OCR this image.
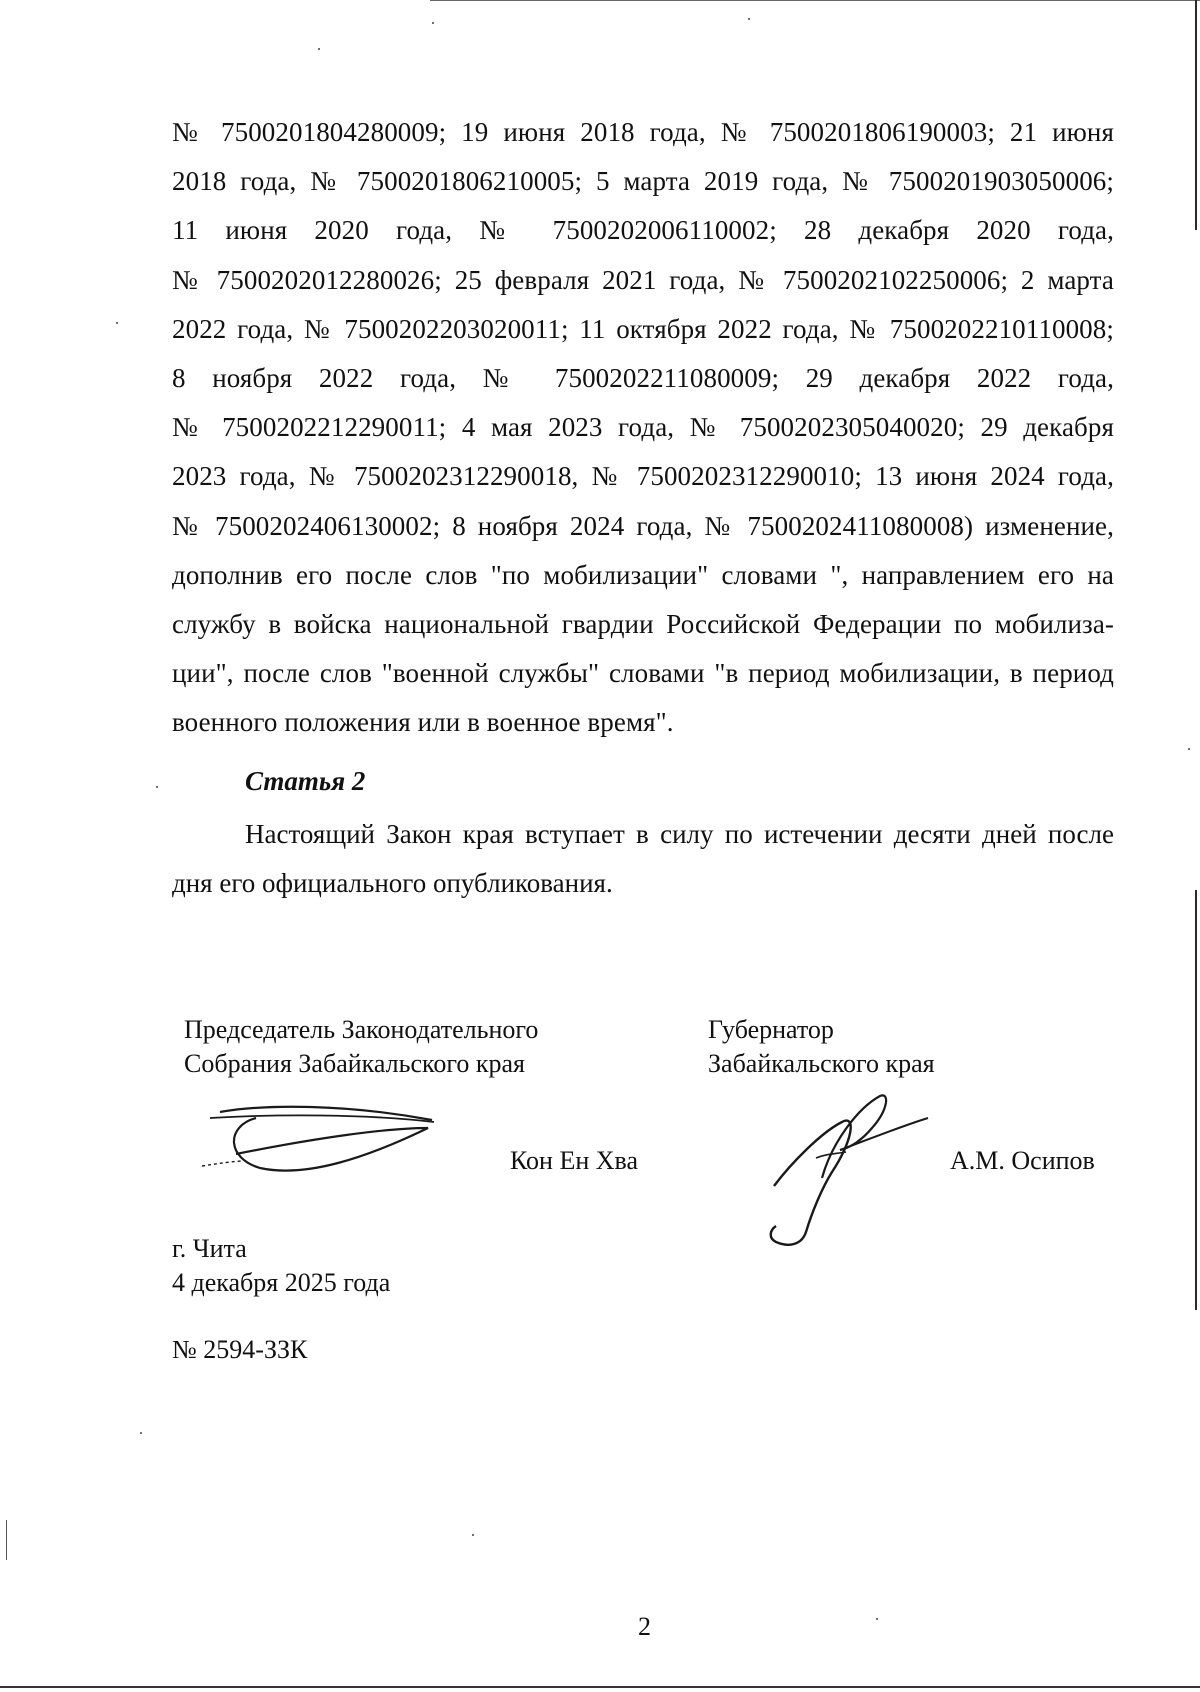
№ 7500201804280009; 19 июня 2018 года, № 7500201806190003; 21 июня

2018 года, № 7500201806210005; 5 марта 2019 года, № 7500201903050006;

11 июня 2020 года, № 7500202006110002; 28 декабря 2020 года,

№ 7500202012280026; 25 февраля 2021 года, № 7500202102250006; 2 марта

2022 года, № 7500202203020011; 11 октября 2022 года, № 7500202210110008;

8 ноября 2022 года, № 7500202211080009; 29 декабря 2022 года,

№ 7500202212290011; 4 мая 2023 года, № 7500202305040020; 29 декабря

2023 года, № 7500202312290018, № 7500202312290010; 13 июня 2024 года,

№ 7500202406130002; 8 ноября 2024 года, № 7500202411080008) изменение,

дополнив его после слов "по мобилизации" словами ", направлением его на

службу в войска национальной гвардии Российской Федерации по мобилиза-

ции", после слов "военной службы" словами "в период мобилизации, в период

военного положения или в военное время".

Статья 2

Настоящий Закон края вступает в силу по истечении десяти дней после дня его официального опубликования.

Председатель Законодательного
Собрания Забайкальского края
Кон Ен Хва
Губернатор
Забайкальского края
А.М. Осипов
г. Чита
4 декабря 2025 года
№ 2594-ЗЗК
2
